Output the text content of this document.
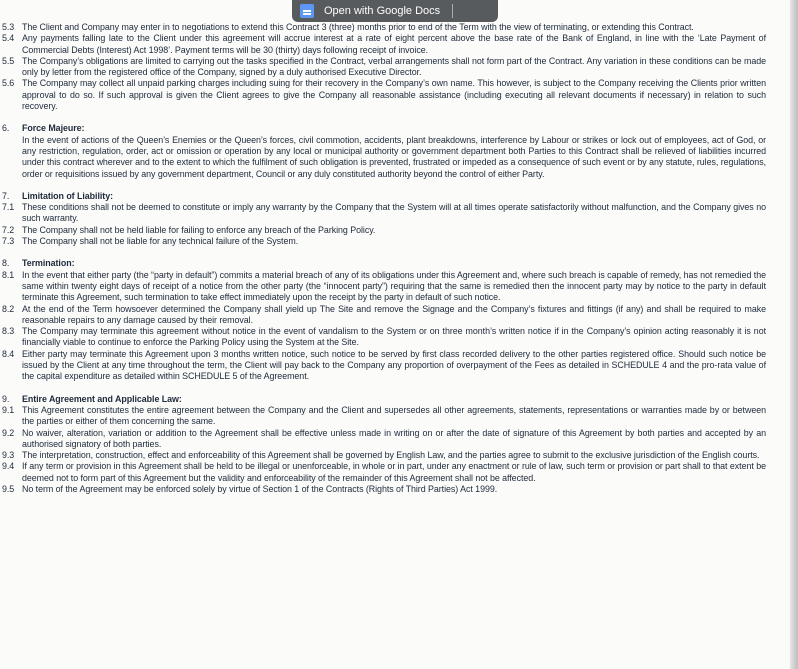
5.3 The Client and Company may enter in to negotiations to extend this Contract 3 (three) months prior to end of the Term with the view of terminating, or extending this Contract.
5.4 Any payments falling late to the Client under this agreement will accrue interest at a rate of eight percent above the base rate of the Bank of England, in line with the ‘Late Payment of Commercial Debts (Interest) Act 1998’. Payment terms will be 30 (thirty) days following receipt of invoice.
5.5 The Company’s obligations are limited to carrying out the tasks specified in the Contract, verbal arrangements shall not form part of the Contract. Any variation in these conditions can be made only by letter from the registered office of the Company, signed by a duly authorised Executive Director.
5.6 The Company may collect all unpaid parking charges including suing for their recovery in the Company’s own name. This however, is subject to the Company receiving the Clients prior written approval to do so. If such approval is given the Client agrees to give the Company all reasonable assistance (including executing all relevant documents if necessary) in relation to such recovery.
6.	Force Majeure:
In the event of actions of the Queen’s Enemies or the Queen’s forces, civil commotion, accidents, plant breakdowns, interference by Labour or strikes or lock out of employees, act of God, or any restriction, regulation, order, act or omission or operation by any local or municipal authority or government department both Parties to this Contract shall be relieved of liabilities incurred under this contract wherever and to the extent to which the fulfilment of such obligation is prevented, frustrated or impeded as a consequence of such event or by any statute, rules, regulations, order or requisitions issued by any government department, Council or any duly constituted authority beyond the control of either Party.
7.	Limitation of Liability:
7.1 These conditions shall not be deemed to constitute or imply any warranty by the Company that the System will at all times operate satisfactorily without malfunction, and the Company gives no such warranty.
7.2 The Company shall not be held liable for failing to enforce any breach of the Parking Policy.
7.3 The Company shall not be liable for any technical failure of the System.
8.	Termination:
8.1 In the event that either party (the “party in default”) commits a material breach of any of its obligations under this Agreement and, where such breach is capable of remedy, has not remedied the same within twenty eight days of receipt of a notice from the other party (the “innocent party”) requiring that the same is remedied then the innocent party may by notice to the party in default terminate this Agreement, such termination to take effect immediately upon the receipt by the party in default of such notice.
8.2 At the end of the Term howsoever determined the Company shall yield up The Site and remove the Signage and the Company’s fixtures and fittings (if any) and shall be required to make reasonable repairs to any damage caused by their removal.
8.3 The Company may terminate this agreement without notice in the event of vandalism to the System or on three month’s written notice if in the Company’s opinion acting reasonably it is not financially viable to continue to enforce the Parking Policy using the System at the Site.
8.4 Either party may terminate this Agreement upon 3 months written notice, such notice to be served by first class recorded delivery to the other parties registered office. Should such notice be issued by the Client at any time throughout the term, the Client will pay back to the Company any proportion of overpayment of the Fees as detailed in SCHEDULE 4 and the pro-rata value of the capital expenditure as detailed within SCHEDULE 5 of the Agreement.
9.	Entire Agreement and Applicable Law:
9.1 This Agreement constitutes the entire agreement between the Company and the Client and supersedes all other agreements, statements, representations or warranties made by or between the parties or either of them concerning the same.
9.2 No waiver, alteration, variation or addition to the Agreement shall be effective unless made in writing on or after the date of signature of this Agreement by both parties and accepted by an authorised signatory of both parties.
9.3 The interpretation, construction, effect and enforceability of this Agreement shall be governed by English Law, and the parties agree to submit to the exclusive jurisdiction of the English courts.
9.4 If any term or provision in this Agreement shall be held to be illegal or unenforceable, in whole or in part, under any enactment or rule of law, such term or provision or part shall to that extent be deemed not to form part of this Agreement but the validity and enforceability of the remainder of this Agreement shall not be affected.
9.5 No term of the Agreement may be enforced solely by virtue of Section 1 of the Contracts (Rights of Third Parties) Act 1999.
Open with Google Docs
